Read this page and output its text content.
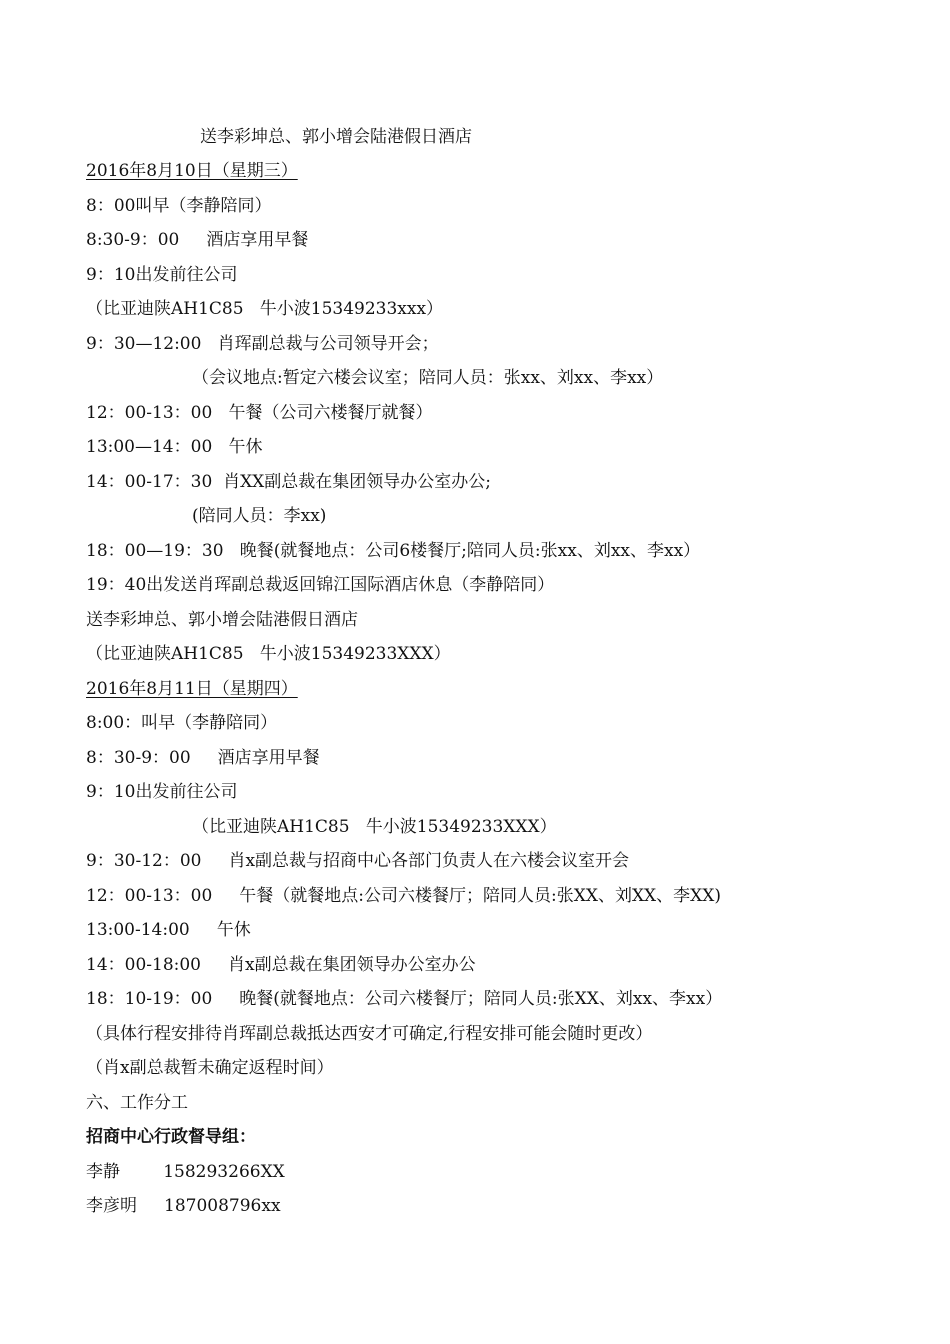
送李彩坤总、郭小增会陆港假日酒店
2016年8月10日（星期三）
8：00叫早（李静陪同）
8:30-9：00     酒店享用早餐
9：10出发前往公司
（比亚迪陕AH1C85   牛小波15349233xxx）
9：30—12:00   肖珲副总裁与公司领导开会；
（会议地点:暂定六楼会议室；陪同人员：张xx、刘xx、李xx）
12：00-13：00   午餐（公司六楼餐厅就餐）
13:00—14：00   午休
14：00-17：30  肖XX副总裁在集团领导办公室办公;
(陪同人员：李xx)
18：00—19：30   晚餐(就餐地点：公司6楼餐厅;陪同人员:张xx、刘xx、李xx）
19：40出发送肖珲副总裁返回锦江国际酒店休息（李静陪同）
送李彩坤总、郭小增会陆港假日酒店
（比亚迪陕AH1C85   牛小波15349233XXX）
2016年8月11日（星期四）
8:00：叫早（李静陪同）
8：30-9：00     酒店享用早餐
9：10出发前往公司
（比亚迪陕AH1C85   牛小波15349233XXX）
9：30-12：00     肖x副总裁与招商中心各部门负责人在六楼会议室开会
12：00-13：00     午餐（就餐地点:公司六楼餐厅；陪同人员:张XX、刘XX、李XX)
13:00-14:00     午休
14：00-18:00     肖x副总裁在集团领导办公室办公
18：10-19：00     晚餐(就餐地点：公司六楼餐厅；陪同人员:张XX、刘xx、李xx）
（具体行程安排待肖珲副总裁抵达西安才可确定,行程安排可能会随时更改）
（肖x副总裁暂未确定返程时间）
六、工作分工
招商中心行政督导组：
李静        158293266XX
李彦明     187008796xx
